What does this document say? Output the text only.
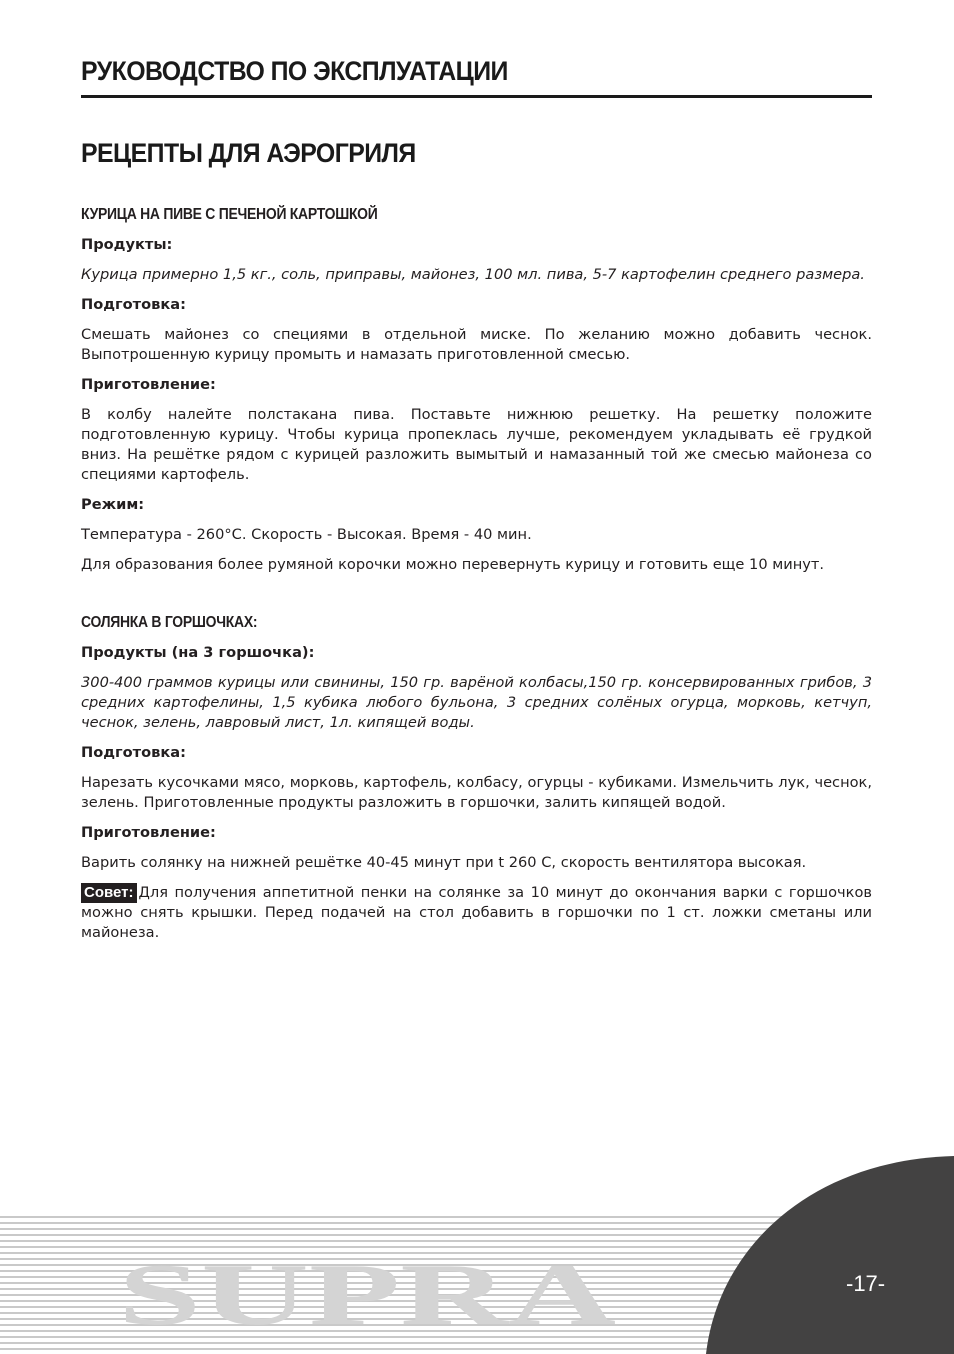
РУКОВОДСТВО ПО ЭКСПЛУАТАЦИИ
РЕЦЕПТЫ ДЛЯ АЭРОГРИЛЯ
КУРИЦА НА ПИВЕ С ПЕЧЕНОЙ КАРТОШКОЙ
Продукты:

Курица примерно 1,5 кг., соль, приправы, майонез, 100 мл. пива, 5-7 картофелин среднего размера.

Подготовка:

Смешать майонез со специями в отдельной миске. По желанию можно добавить чеснок. Выпотрошенную курицу промыть и намазать приготовленной смесью.

Приготовление:

В колбу налейте полстакана пива. Поставьте нижнюю решетку. На решетку положите подготовленную курицу. Чтобы курица пропеклась лучше, рекомендуем укладывать её грудкой вниз. На решётке рядом с курицей разложить вымытый и намазанный той же смесью майонеза со специями картофель.

Режим:

Температура - 260°С. Скорость - Высокая. Время - 40 мин.

Для образования более румяной корочки можно перевернуть курицу и готовить еще 10 минут.

СОЛЯНКА В ГОРШОЧКАХ:
Продукты (на 3 горшочка):

300-400 граммов курицы или свинины, 150 гр. варёной колбасы,150 гр. консервированных грибов, 3 средних картофелины, 1,5 кубика любого бульона, 3 средних солёных огурца, морковь, кетчуп, чеснок, зелень, лавровый лист, 1л. кипящей воды.

Подготовка:

Нарезать кусочками мясо, морковь, картофель, колбасу, огурцы - кубиками. Измельчить лук, чеснок, зелень. Приготовленные продукты разложить в горшочки, залить кипящей водой.

Приготовление:

Варить солянку на нижней решётке 40-45 минут при t 260 С, скорость вентилятора высокая.

Совет: Для получения аппетитной пенки на солянке за 10 минут до окончания варки с горшочков можно снять крышки. Перед подачей на стол добавить в горшочки по 1 ст. ложки сметаны или майонеза.

SUPRA	-17-
